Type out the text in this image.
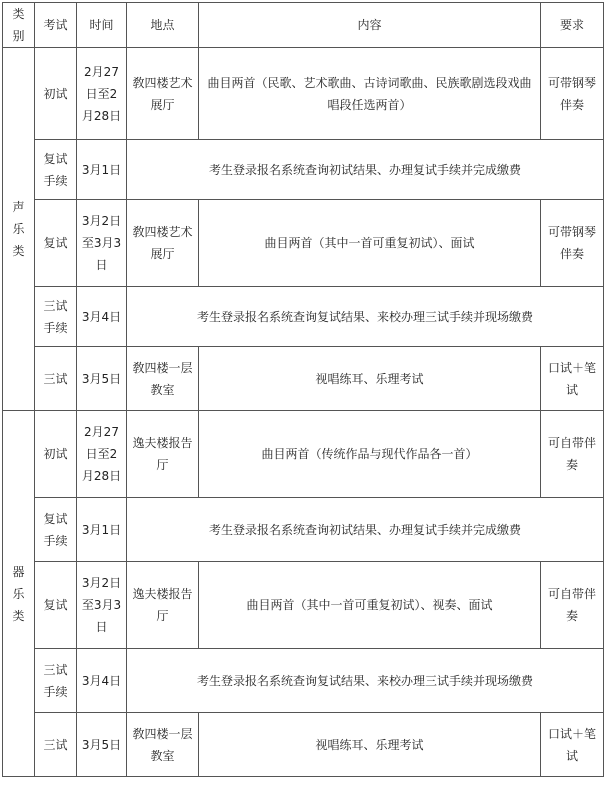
类别	考试	时间	地点	内容	要求
声乐类	初试	2月27日至2月28日	敎四楼艺术展厅	曲目两首（民歌、艺术歌曲、古诗词歌曲、民族歌剧选段戏曲唱段任选两首）	可带钢琴伴奏
	复试手续	3月1日	考生登录报名系统查询初试结果、办理复试手续并完成缴费		
	复试	3月2日至3月3日	敎四楼艺术展厅	曲目两首（其中一首可重复初试）、面试	可带钢琴伴奏
	三试手续	3月4日	考生登录报名系统查询复试结果、来校办理三试手续并现场缴费		
	三试	3月5日	敎四楼一层教室	视唱练耳、乐理考试	口试＋笔试
器乐类	初试	2月27日至2月28日	逸夫楼报告厅	曲目两首（传统作品与现代作品各一首）	可自带伴奏
	复试手续	3月1日	考生登录报名系统查询初试结果、办理复试手续并完成缴费		
	复试	3月2日至3月3日	逸夫楼报告厅	曲目两首（其中一首可重复初试）、视奏、面试	可自带伴奏
	三试手续	3月4日	考生登录报名系统查询复试结果、来校办理三试手续并现场缴费		
	三试	3月5日	敎四楼一层教室	视唱练耳、乐理考试	口试＋笔试
